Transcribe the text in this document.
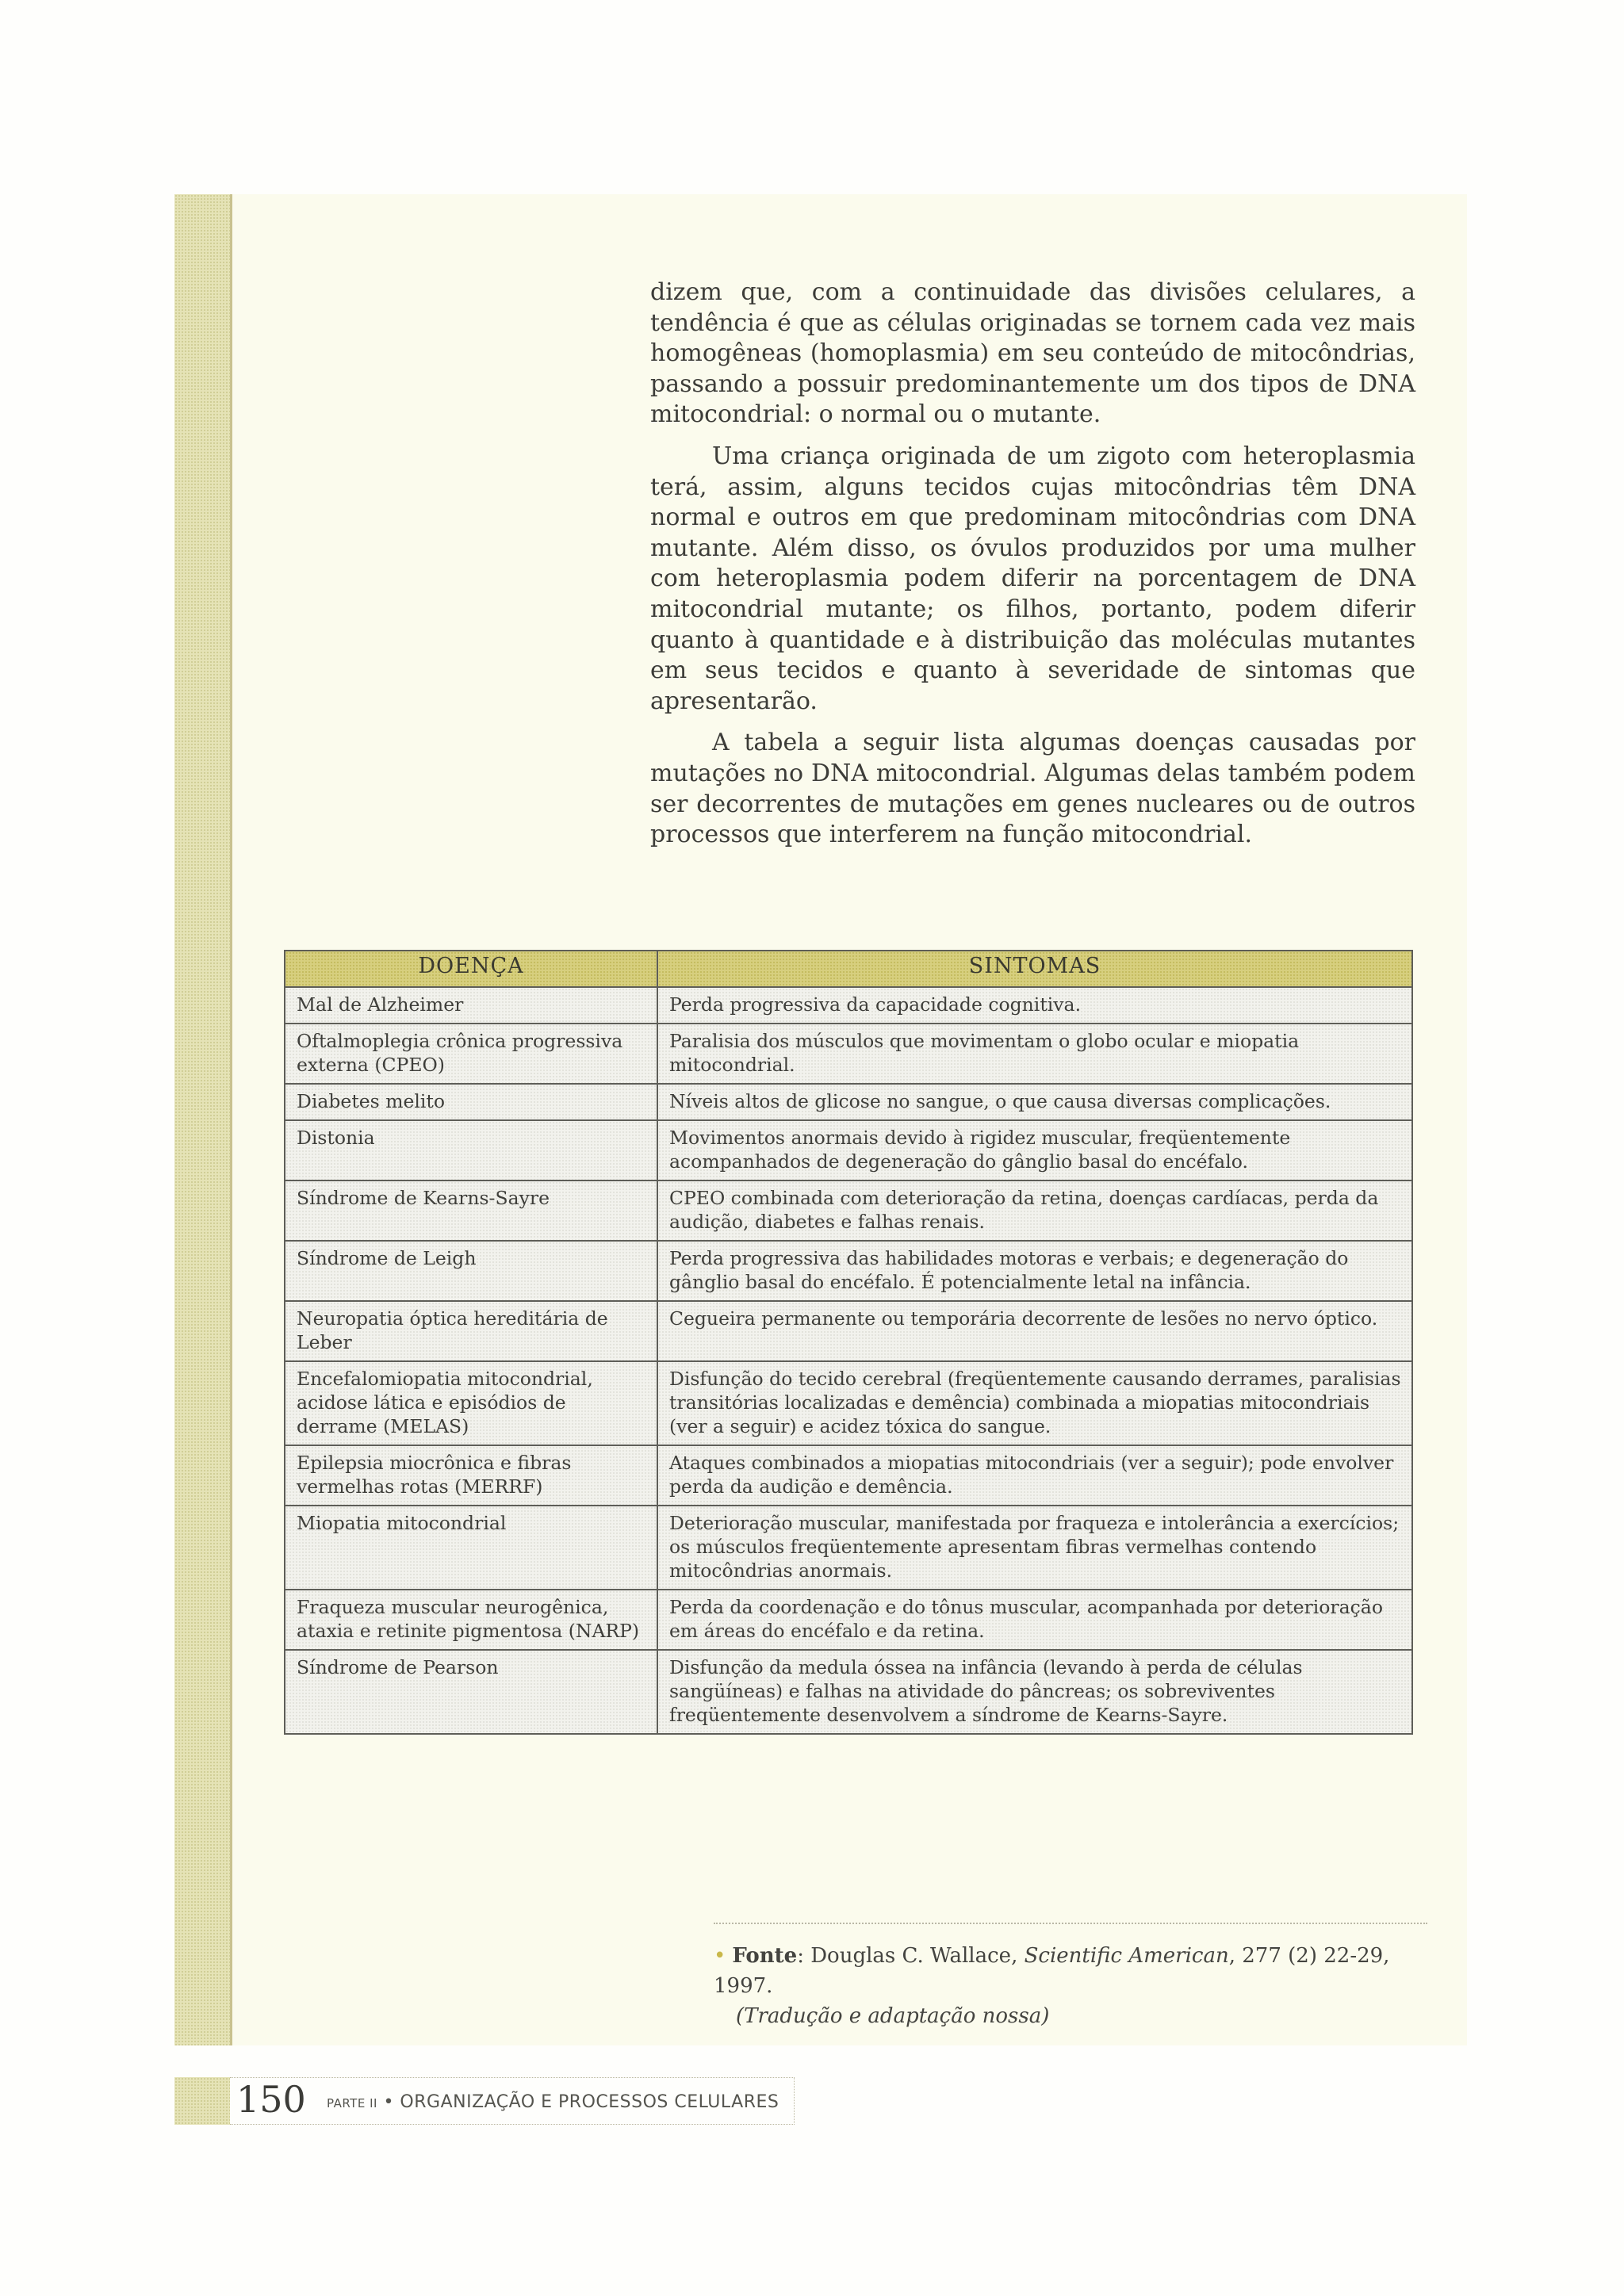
dizem que, com a continuidade das divisões celulares, a tendência é que as células originadas se tornem cada vez mais homogêneas (homoplasmia) em seu conteúdo de mitocôndrias, passando a possuir predominantemente um dos tipos de DNA mitocondrial: o normal ou o mutante.

Uma criança originada de um zigoto com heteroplasmia terá, assim, alguns tecidos cujas mitocôndrias têm DNA normal e outros em que predominam mitocôndrias com DNA mutante. Além disso, os óvulos produzidos por uma mulher com heteroplasmia podem diferir na porcentagem de DNA mitocondrial mutante; os filhos, portanto, podem diferir quanto à quantidade e à distribuição das moléculas mutantes em seus tecidos e quanto à severidade de sintomas que apresentarão.

A tabela a seguir lista algumas doenças causadas por mutações no DNA mitocondrial. Algumas delas também podem ser decorrentes de mutações em genes nucleares ou de outros processos que interferem na função mitocondrial.

DOENÇA	SINTOMAS
Mal de Alzheimer	Perda progressiva da capacidade cognitiva.
Oftalmoplegia crônica progressiva externa (CPEO)	Paralisia dos músculos que movimentam o globo ocular e miopatia mitocondrial.
Diabetes melito	Níveis altos de glicose no sangue, o que causa diversas complicações.
Distonia	Movimentos anormais devido à rigidez muscular, freqüentemente acompanhados de degeneração do gânglio basal do encéfalo.
Síndrome de Kearns-Sayre	CPEO combinada com deterioração da retina, doenças cardíacas, perda da audição, diabetes e falhas renais.
Síndrome de Leigh	Perda progressiva das habilidades motoras e verbais; e degeneração do gânglio basal do encéfalo. É potencialmente letal na infância.
Neuropatia óptica hereditária de Leber	Cegueira permanente ou temporária decorrente de lesões no nervo óptico.
Encefalomiopatia mitocondrial, acidose lática e episódios de derrame (MELAS)	Disfunção do tecido cerebral (freqüentemente causando derrames, paralisias transitórias localizadas e demência) combinada a miopatias mitocondriais (ver a seguir) e acidez tóxica do sangue.
Epilepsia miocrônica e fibras vermelhas rotas (MERRF)	Ataques combinados a miopatias mitocondriais (ver a seguir); pode envolver perda da audição e demência.
Miopatia mitocondrial	Deterioração muscular, manifestada por fraqueza e intolerância a exercícios; os músculos freqüentemente apresentam fibras vermelhas contendo mitocôndrias anormais.
Fraqueza muscular neurogênica, ataxia e retinite pigmentosa (NARP)	Perda da coordenação e do tônus muscular, acompanhada por deterioração em áreas do encéfalo e da retina.
Síndrome de Pearson	Disfunção da medula óssea na infância (levando à perda de células sangüíneas) e falhas na atividade do pâncreas; os sobreviventes freqüentemente desenvolvem a síndrome de Kearns-Sayre.
• Fonte: Douglas C. Wallace, Scientific American, 277 (2) 22-29, 1997.
(Tradução e adaptação nossa)
150 PARTE II • ORGANIZAÇÃO E PROCESSOS CELULARES
